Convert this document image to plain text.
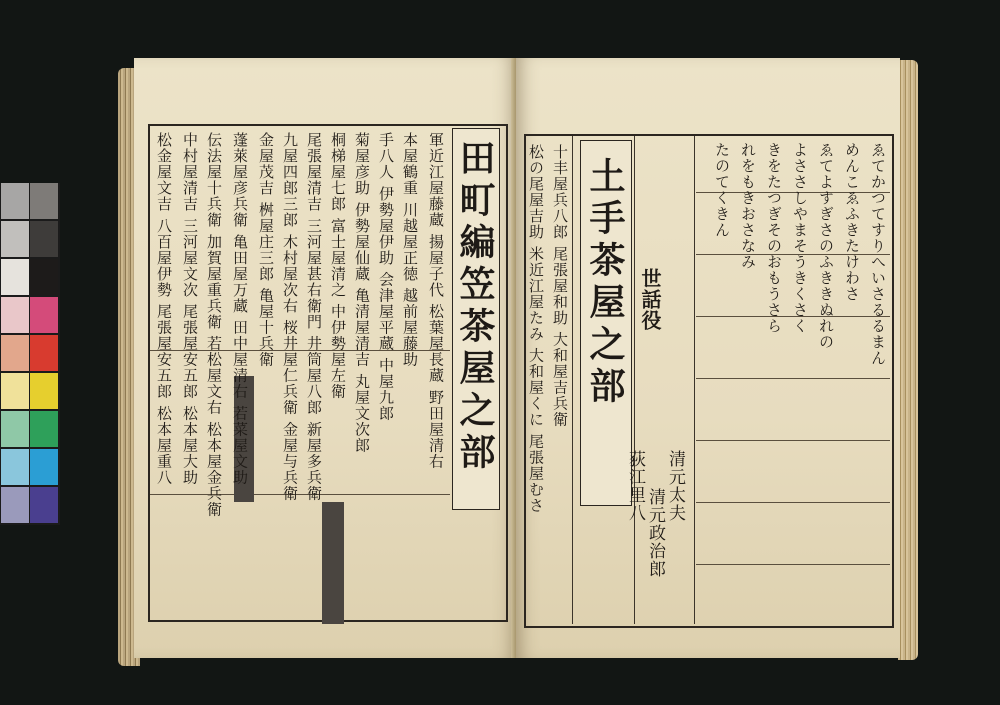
田町編笠茶屋之部
軍近江屋藤蔵 揚屋子代 松葉屋長蔵 野田屋清右
本屋鶴重 川越屋正徳 越前屋藤助
手八人 伊勢屋伊助 会津屋平蔵 中屋九郎
菊屋彦助 伊勢屋仙蔵 亀清屋清吉 丸屋文次郎
桐梯屋七郎 富士屋清之 中伊勢屋左衛
尾張屋清吉 三河屋甚右衛門 井筒屋八郎 新屋多兵衛
九屋四郎三郎 木村屋次右 桜井屋仁兵衛 金屋与兵衛
金屋茂吉 桝屋庄三郎 亀屋十兵衛
蓬萊屋彦兵衛 亀田屋万蔵 田中屋清右 若菜屋文助
伝法屋十兵衛 加賀屋重兵衛 若松屋文右 松本屋金兵衛
中村屋清吉 三河屋文次 尾張屋安五郎 松本屋大助
松金屋文吉 八百屋伊勢 尾張屋安五郎 松本屋重八	十丰屋兵八郎 尾張屋和助 大和屋吉兵衛
松の尾屋吉助 米近江屋たみ 大和屋くに 尾張屋むさ 土手茶屋之部 世話役
清元太夫
清元政治郎
荻江里八
ゑてかつてすりへいさるるまん
めんこゑふきたけわさ
ゑてよすぎさのふききぬれの
よささしやまそうきくさく
きをたつぎそのおもうさら
れをもきおさなみ
たのてくきん
